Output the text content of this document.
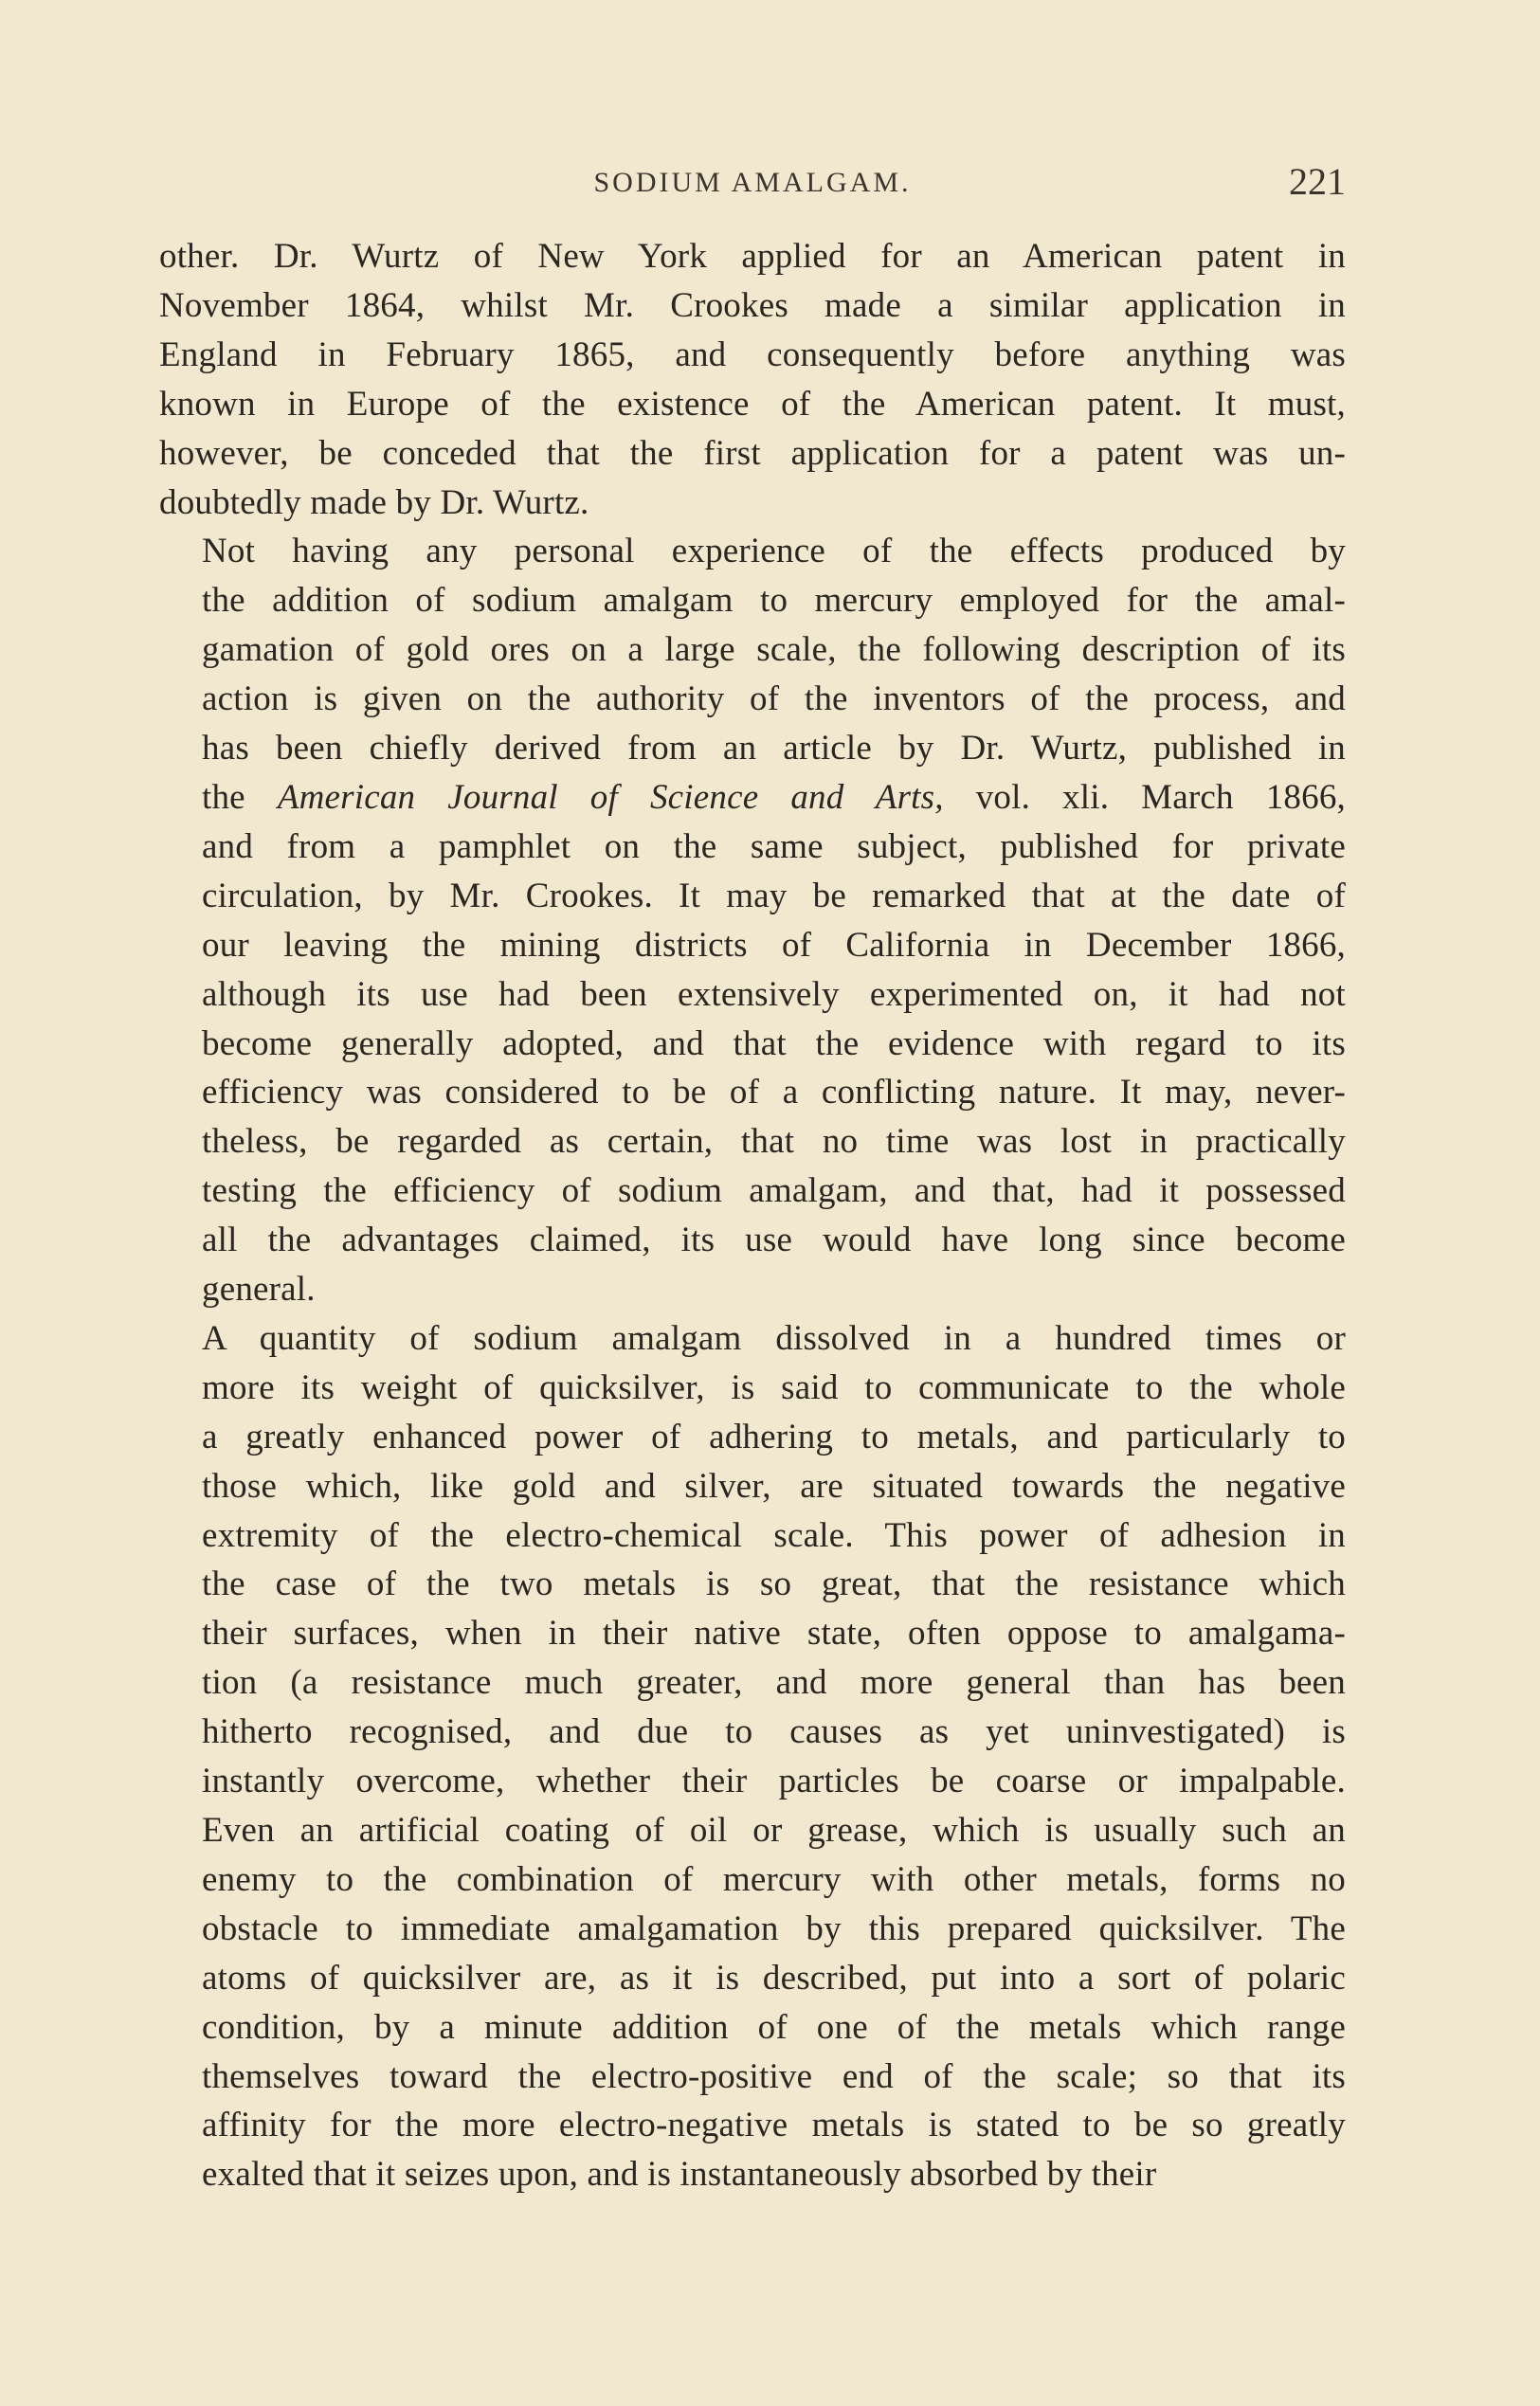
SODIUM AMALGAM.	221

other. Dr. Wurtz of New York applied for an American patent in
November 1864, whilst Mr. Crookes made a similar application in
England in February 1865, and consequently before anything was
known in Europe of the existence of the American patent. It must,
however, be conceded that the first application for a patent was un-
doubtedly made by Dr. Wurtz.

Not having any personal experience of the effects produced by
the addition of sodium amalgam to mercury employed for the amal-
gamation of gold ores on a large scale, the following description of its
action is given on the authority of the inventors of the process, and
has been chiefly derived from an article by Dr. Wurtz, published in
the American Journal of Science and Arts, vol. xli. March 1866,
and from a pamphlet on the same subject, published for private
circulation, by Mr. Crookes. It may be remarked that at the date of
our leaving the mining districts of California in December 1866,
although its use had been extensively experimented on, it had not
become generally adopted, and that the evidence with regard to its
efficiency was considered to be of a conflicting nature. It may, never-
theless, be regarded as certain, that no time was lost in practically
testing the efficiency of sodium amalgam, and that, had it possessed
all the advantages claimed, its use would have long since become
general.

A quantity of sodium amalgam dissolved in a hundred times or
more its weight of quicksilver, is said to communicate to the whole
a greatly enhanced power of adhering to metals, and particularly to
those which, like gold and silver, are situated towards the negative
extremity of the electro-chemical scale. This power of adhesion in
the case of the two metals is so great, that the resistance which
their surfaces, when in their native state, often oppose to amalgama-
tion (a resistance much greater, and more general than has been
hitherto recognised, and due to causes as yet uninvestigated) is
instantly overcome, whether their particles be coarse or impalpable.
Even an artificial coating of oil or grease, which is usually such an
enemy to the combination of mercury with other metals, forms no
obstacle to immediate amalgamation by this prepared quicksilver. The
atoms of quicksilver are, as it is described, put into a sort of polaric
condition, by a minute addition of one of the metals which range
themselves toward the electro-positive end of the scale; so that its
affinity for the more electro-negative metals is stated to be so greatly
exalted that it seizes upon, and is instantaneously absorbed by their
